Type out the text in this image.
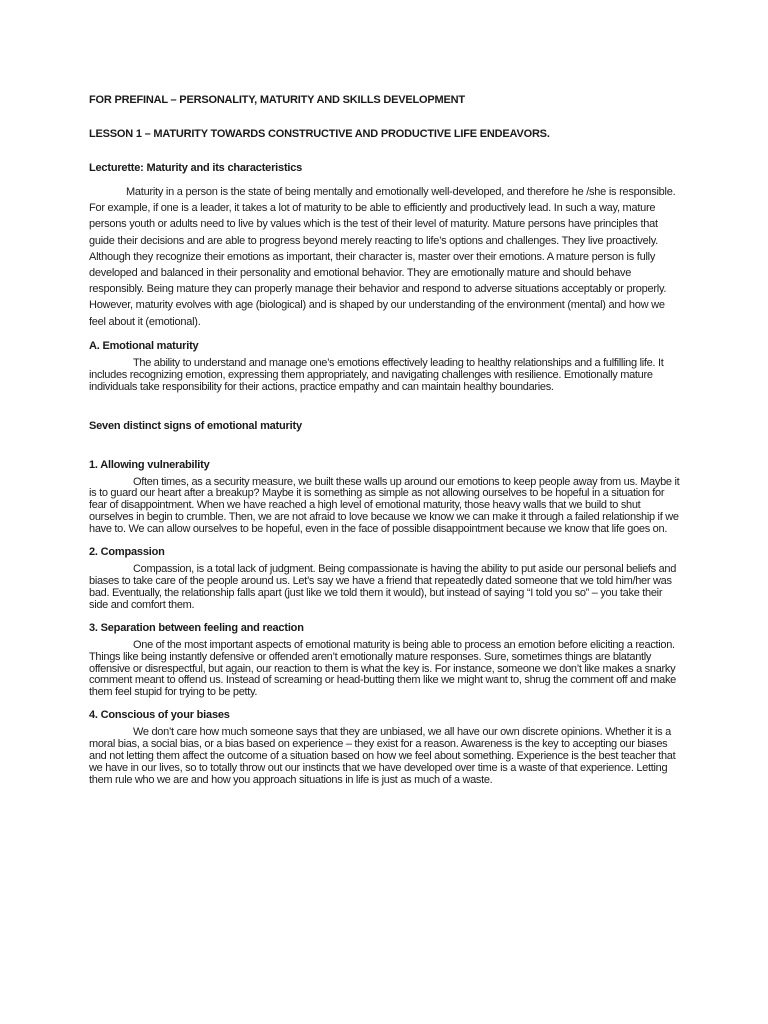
FOR PREFINAL – PERSONALITY, MATURITY AND SKILLS DEVELOPMENT

LESSON 1 – MATURITY TOWARDS CONSTRUCTIVE AND PRODUCTIVE LIFE ENDEAVORS.

Lecturette: Maturity and its characteristics

Maturity in a person is the state of being mentally and emotionally well-developed, and therefore he /she is responsible. For example, if one is a leader, it takes a lot of maturity to be able to efficiently and productively lead. In such a way, mature persons youth or adults need to live by values which is the test of their level of maturity. Mature persons have principles that guide their decisions and are able to progress beyond merely reacting to life’s options and challenges. They live proactively. Although they recognize their emotions as important, their character is, master over their emotions. A mature person is fully developed and balanced in their personality and emotional behavior. They are emotionally mature and should behave responsibly. Being mature they can properly manage their behavior and respond to adverse situations acceptably or properly. However, maturity evolves with age (biological) and is shaped by our understanding of the environment (mental) and how we feel about it (emotional).

A. Emotional maturity

The ability to understand and manage one’s emotions effectively leading to healthy relationships and a fulfilling life. It includes recognizing emotion, expressing them appropriately, and navigating challenges with resilience. Emotionally mature individuals take responsibility for their actions, practice empathy and can maintain healthy boundaries.

Seven distinct signs of emotional maturity

1. Allowing vulnerability

Often times, as a security measure, we built these walls up around our emotions to keep people away from us. Maybe it is to guard our heart after a breakup? Maybe it is something as simple as not allowing ourselves to be hopeful in a situation for fear of disappointment. When we have reached a high level of emotional maturity, those heavy walls that we build to shut ourselves in begin to crumble. Then, we are not afraid to love because we know we can make it through a failed relationship if we have to. We can allow ourselves to be hopeful, even in the face of possible disappointment because we know that life goes on.

2. Compassion

Compassion, is a total lack of judgment. Being compassionate is having the ability to put aside our personal beliefs and biases to take care of the people around us. Let’s say we have a friend that repeatedly dated someone that we told him/her was bad. Eventually, the relationship falls apart (just like we told them it would), but instead of saying “I told you so” – you take their side and comfort them.

3. Separation between feeling and reaction

One of the most important aspects of emotional maturity is being able to process an emotion before eliciting a reaction. Things like being instantly defensive or offended aren’t emotionally mature responses. Sure, sometimes things are blatantly offensive or disrespectful, but again, our reaction to them is what the key is. For instance, someone we don’t like makes a snarky comment meant to offend us. Instead of screaming or head-butting them like we might want to, shrug the comment off and make them feel stupid for trying to be petty.

4. Conscious of your biases

We don’t care how much someone says that they are unbiased, we all have our own discrete opinions. Whether it is a moral bias, a social bias, or a bias based on experience – they exist for a reason. Awareness is the key to accepting our biases and not letting them affect the outcome of a situation based on how we feel about something. Experience is the best teacher that we have in our lives, so to totally throw out our instincts that we have developed over time is a waste of that experience. Letting them rule who we are and how you approach situations in life is just as much of a waste.
